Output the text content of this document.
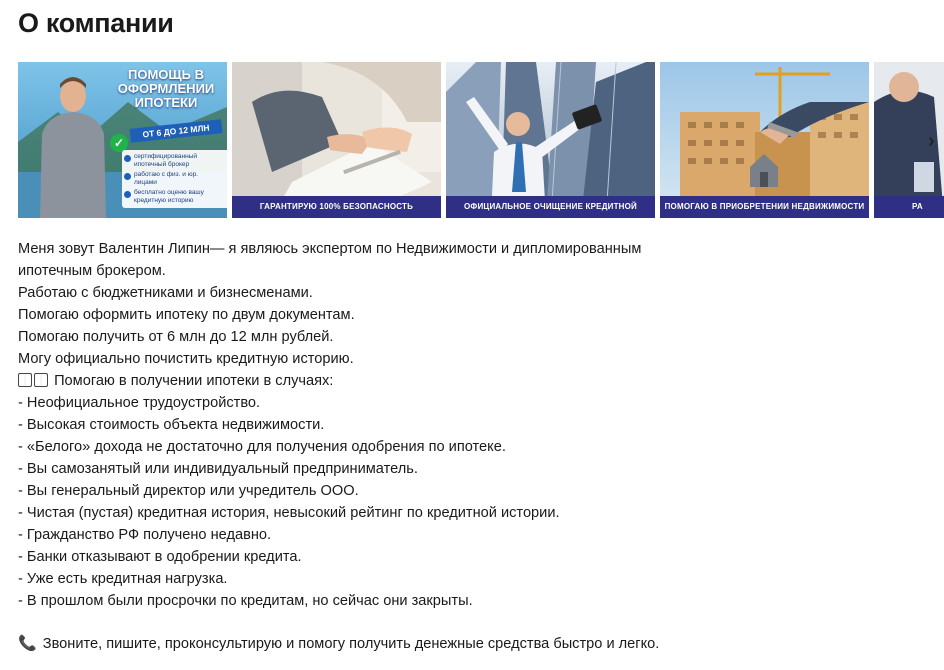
О компании
ПОМОЩЬ В
ОФОРМЛЕНИИ
ИПОТЕКИ
ОТ 6 ДО 12 МЛН
✓
сертифицированный
ипотечный брокер
работаю с физ. и юр.
лицами
бесплатно оценю вашу
кредитную историю
ГАРАНТИРУЮ 100% БЕЗОПАСНОСТЬ	ОФИЦИАЛЬНОЕ ОЧИЩЕНИЕ КРЕДИТНОЙ ИСТОРИИ
ПОМОГАЮ В ПРИОБРЕТЕНИИ НЕДВИЖИМОСТИ	РА
›
Меня зовут Валентин Липин— я являюсь экспертом по Недвижимости и дипломированным
ипотечным брокером.
Работаю с бюджетниками и бизнесменами.
Помогаю оформить ипотеку по двум документам.
Помогаю получить от 6 млн до 12 млн рублей.
Могу официально почистить кредитную историю.
Помогаю в получении ипотеки в случаях:
- Неофициальное трудоустройство.
- Высокая стоимость объекта недвижимости.
- «Белого» дохода не достаточно для получения одобрения по ипотеке.
- Вы самозанятый или индивидуальный предприниматель.
- Вы генеральный директор или учредитель ООО.
- Чистая (пустая) кредитная история, невысокий рейтинг по кредитной истории.
- Гражданство РФ получено недавно.
- Банки отказывают в одобрении кредита.
- Уже есть кредитная нагрузка.
- В прошлом были просрочки по кредитам, но сейчас они закрыты.
📞 Звоните, пишите, проконсультирую и помогу получить денежные средства быстро и легко.
